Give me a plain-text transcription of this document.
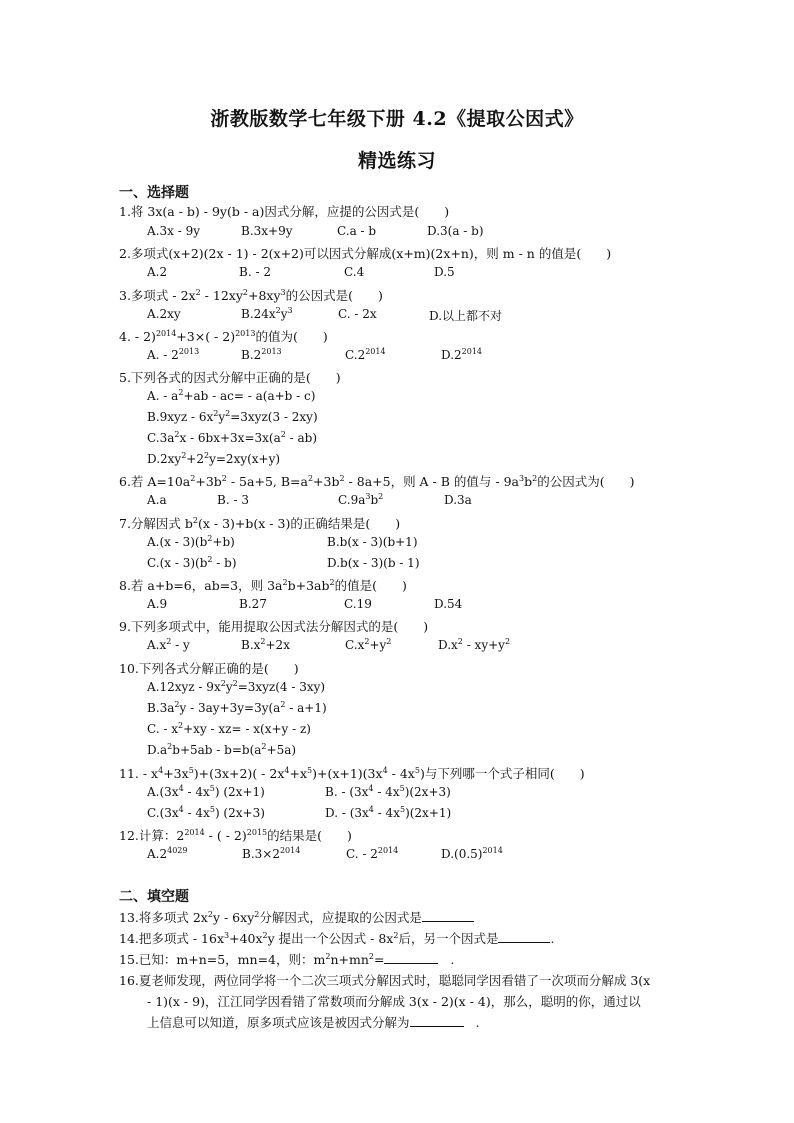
浙教版数学七年级下册 4.2《提取公因式》
精选练习
一、选择题
1.将 3x(a - b) - 9y(b - a)因式分解，应提的公因式是(　　)
A.3x - 9y	B.3x+9y	C.a - b	D.3(a - b)
2.多项式(x+2)(2x - 1) - 2(x+2)可以因式分解成(x+m)(2x+n)，则 m - n 的值是(　　)
A.2	B. - 2	C.4	D.5
3.多项式 - $2x^2 - 12xy^2+8xy^3$的公因式是(　　)
A.2xy	$B.24x^2y^3$	C. - 2x	D.以上都不对
4. - 2)$^{2014}$+3×( - 2)$^{2013}$的值为(　　)
A. - $2^{2013}$	$B.2^{2013}$	$C.2^{2014}$	$D.2^{2014}$
5.下列各式的因式分解中正确的是(　　)
A. - $a^2+ab - ac= - a(a+b - c)$
$B.9xyz - 6x^2y^2=3xyz(3 - 2xy)$
$C.3a^2x - 6bx+3x=3x(a^2 - ab)$
$D.2xy^2+2^2y=2xy(x+y)$
6.若 $A=10a^2+3b^2 - 5a+5$, $B=a^2+3b^2 - 8a+5$，则 A - B 的值与 - $9a^3b^2$的公因式为(　　)
A.a	B. - 3	$C.9a^3b^2$	D.3a
7.分解因式 $b^2(x - 3)+b(x - 3)$的正确结果是(　　)
$A.(x - 3)(b^2+b)$	B.b(x - 3)(b+1)
$C.(x - 3)(b^2 - b)$	D.b(x - 3)(b - 1)
8.若 a+b=6，ab=3，则 $3a^2b+3ab^2$的值是(　　)
A.9	B.27	C.19	D.54
9.下列多项式中，能用提取公因式法分解因式的是(　　)
$A.x^2$ - y	$B.x^2+2x$	$C.x^2+y^2$	$D.x^2 - xy+y^2$
10.下列各式分解正确的是(　　)
$A.12xyz - 9x^2y^2=3xyz(4 - 3xy)$
$B.3a^2y - 3ay+3y=3y(a^2 - a+1)$
C. - $x^2+xy - xz= - x(x+y - z)$
$D.a^2b+5ab - b=b(a^2+5a)$
11. - $x^4+3x^5)+(3x+2)( - 2x^4+x^5)+(x+1)(3x^4 - 4x^5)$与下列哪一个式子相同(　　)
$A.(3x^4 - 4x^5)$ (2x+1)	B. - $(3x^4 - 4x^5)(2x+3)$
$C.(3x^4 - 4x^5)$ (2x+3)	D. - $(3x^4 - 4x^5)(2x+1)$
12.计算：$2^{2014}$ - ( - 2)$^{2015}$的结果是(　　)
$A.2^{4029}$	$B.3\times 2^{2014}$	C. - $2^{2014}$	$D.(0.5)^{2014}$
二、填空题
13.将多项式 $2x^2y - 6xy^2$分解因式，应提取的公因式是
14.把多项式 - $16x^3+40x^2y$ 提出一个公因式 - $8x^2$后，另一个因式是	.
15.已知：m+n=5，mn=4，则：$m^2n+mn^2=$	.
16.夏老师发现，两位同学将一个二次三项式分解因式时，聪聪同学因看错了一次项而分解成 3(x
- 1)(x - 9)，江江同学因看错了常数项而分解成 3(x - 2)(x - 4)，那么，聪明的你，通过以
上信息可以知道，原多项式应该是被因式分解为	.
